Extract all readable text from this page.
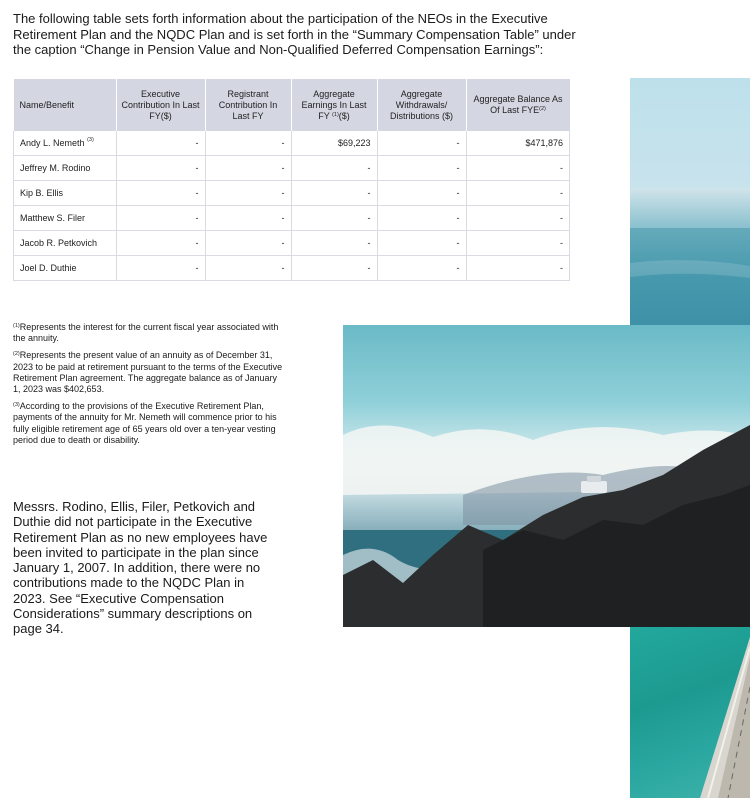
The following table sets forth information about the participation of the NEOs in the Executive Retirement Plan and the NQDC Plan and is set forth in the “Summary Compensation Table” under the caption “Change in Pension Value and Non-Qualified Deferred Compensation Earnings”:

Name/Benefit	Executive Contribution In Last FY($)	Registrant Contribution In Last FY	Aggregate Earnings In Last FY $^{(1)}$($)	Aggregate Withdrawals/ Distributions ($)	Aggregate Balance As Of Last FYE$^{(2)}$
Andy L. Nemeth $^{(3)}$	-	-	$69,223	-	$471,876
Jeffrey M. Rodino	-	-	-	-	-
Kip B. Ellis	-	-	-	-	-
Matthew S. Filer	-	-	-	-	-
Jacob R. Petkovich	-	-	-	-	-
Joel D. Duthie	-	-	-	-	-

$^{(1)}$Represents the interest for the current fiscal year associated with the annuity.

$^{(2)}$Represents the present value of an annuity as of December 31, 2023 to be paid at retirement pursuant to the terms of the Executive Retirement Plan agreement. The aggregate balance as of January 1, 2023 was $402,653.

$^{(3)}$According to the provisions of the Executive Retirement Plan, payments of the annuity for Mr. Nemeth will commence prior to his fully eligible retirement age of 65 years old over a ten-year vesting period due to death or disability.

Messrs. Rodino, Ellis, Filer, Petkovich and Duthie did not participate in the Executive Retirement Plan as no new employees have been invited to participate in the plan since January 1, 2007. In addition, there were no contributions made to the NQDC Plan in 2023. See “Executive Compensation Considerations” summary descriptions on page 34.
